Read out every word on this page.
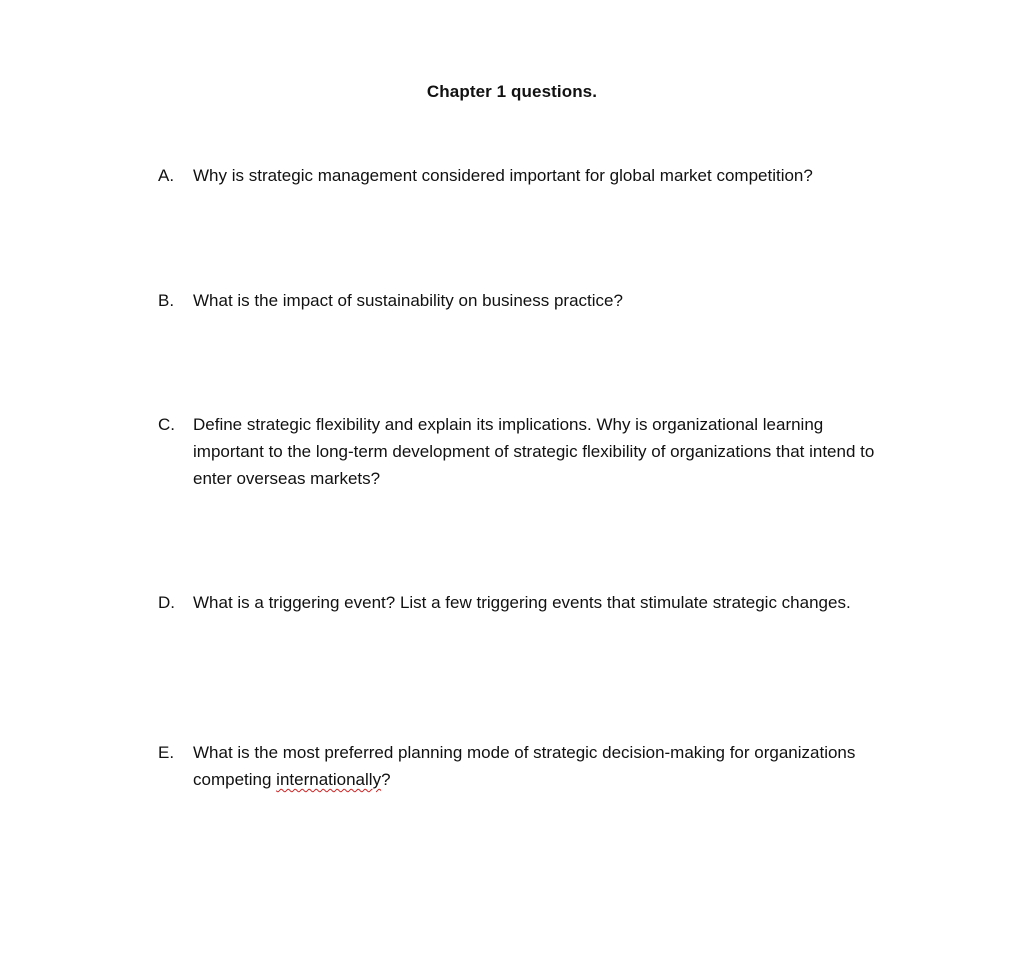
Chapter 1 questions.
A.	Why is strategic management considered important for global market competition?
B.	What is the impact of sustainability on business practice?
C.	Define strategic flexibility and explain its implications. Why is organizational learning important to the long-term development of strategic flexibility of organizations that intend to enter overseas markets?
D.	What is a triggering event? List a few triggering events that stimulate strategic changes.
E.	What is the most preferred planning mode of strategic decision-making for organizations competing internationally?
